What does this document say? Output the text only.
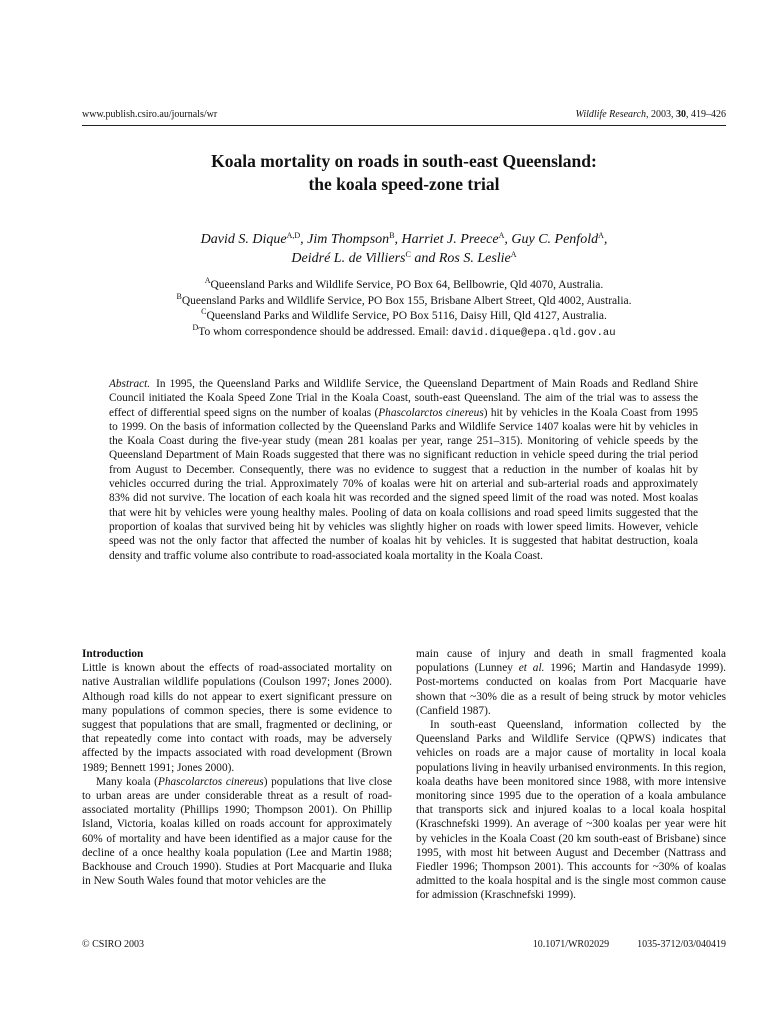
www.publish.csiro.au/journals/wr	Wildlife Research, 2003, 30, 419–426
Koala mortality on roads in south-east Queensland:
the koala speed-zone trial
David S. Dique$^{A,D}$, Jim Thompson$^B$, Harriet J. Preece$^A$, Guy C. Penfold$^A$,
Deidré L. de Villiers$^C$ and Ros S. Leslie$^A$
$^A$Queensland Parks and Wildlife Service, PO Box 64, Bellbowrie, Qld 4070, Australia.
$^B$Queensland Parks and Wildlife Service, PO Box 155, Brisbane Albert Street, Qld 4002, Australia.
$^C$Queensland Parks and Wildlife Service, PO Box 5116, Daisy Hill, Qld 4127, Australia.
$^D$To whom correspondence should be addressed. Email: david.dique@epa.qld.gov.au
Abstract. In 1995, the Queensland Parks and Wildlife Service, the Queensland Department of Main Roads and Redland Shire Council initiated the Koala Speed Zone Trial in the Koala Coast, south-east Queensland. The aim of the trial was to assess the effect of differential speed signs on the number of koalas (Phascolarctos cinereus) hit by vehicles in the Koala Coast from 1995 to 1999. On the basis of information collected by the Queensland Parks and Wildlife Service 1407 koalas were hit by vehicles in the Koala Coast during the five-year study (mean 281 koalas per year, range 251–315). Monitoring of vehicle speeds by the Queensland Department of Main Roads suggested that there was no significant reduction in vehicle speed during the trial period from August to December. Consequently, there was no evidence to suggest that a reduction in the number of koalas hit by vehicles occurred during the trial. Approximately 70% of koalas were hit on arterial and sub-arterial roads and approximately 83% did not survive. The location of each koala hit was recorded and the signed speed limit of the road was noted. Most koalas that were hit by vehicles were young healthy males. Pooling of data on koala collisions and road speed limits suggested that the proportion of koalas that survived being hit by vehicles was slightly higher on roads with lower speed limits. However, vehicle speed was not the only factor that affected the number of koalas hit by vehicles. It is suggested that habitat destruction, koala density and traffic volume also contribute to road-associated koala mortality in the Koala Coast.
Introduction

Little is known about the effects of road-associated mortality on native Australian wildlife populations (Coulson 1997; Jones 2000). Although road kills do not appear to exert significant pressure on many populations of common species, there is some evidence to suggest that populations that are small, fragmented or declining, or that repeatedly come into contact with roads, may be adversely affected by the impacts associated with road development (Brown 1989; Bennett 1991; Jones 2000).

Many koala (Phascolarctos cinereus) populations that live close to urban areas are under considerable threat as a result of road-associated mortality (Phillips 1990; Thompson 2001). On Phillip Island, Victoria, koalas killed on roads account for approximately 60% of mortality and have been identified as a major cause for the decline of a once healthy koala population (Lee and Martin 1988; Backhouse and Crouch 1990). Studies at Port Macquarie and Iluka in New South Wales found that motor vehicles are the

main cause of injury and death in small fragmented koala populations (Lunney et al. 1996; Martin and Handasyde 1999). Post-mortems conducted on koalas from Port Macquarie have shown that ~30% die as a result of being struck by motor vehicles (Canfield 1987).

In south-east Queensland, information collected by the Queensland Parks and Wildlife Service (QPWS) indicates that vehicles on roads are a major cause of mortality in local koala populations living in heavily urbanised environments. In this region, koala deaths have been monitored since 1988, with more intensive monitoring since 1995 due to the operation of a koala ambulance that transports sick and injured koalas to a local koala hospital (Kraschnefski 1999). An average of ~300 koalas per year were hit by vehicles in the Koala Coast (20 km south-east of Brisbane) since 1995, with most hit between August and December (Nattrass and Fiedler 1996; Thompson 2001). This accounts for ~30% of koalas admitted to the koala hospital and is the single most common cause for admission (Kraschnefski 1999).

© CSIRO 2003	10.1071/WR02029	1035-3712/03/040419
